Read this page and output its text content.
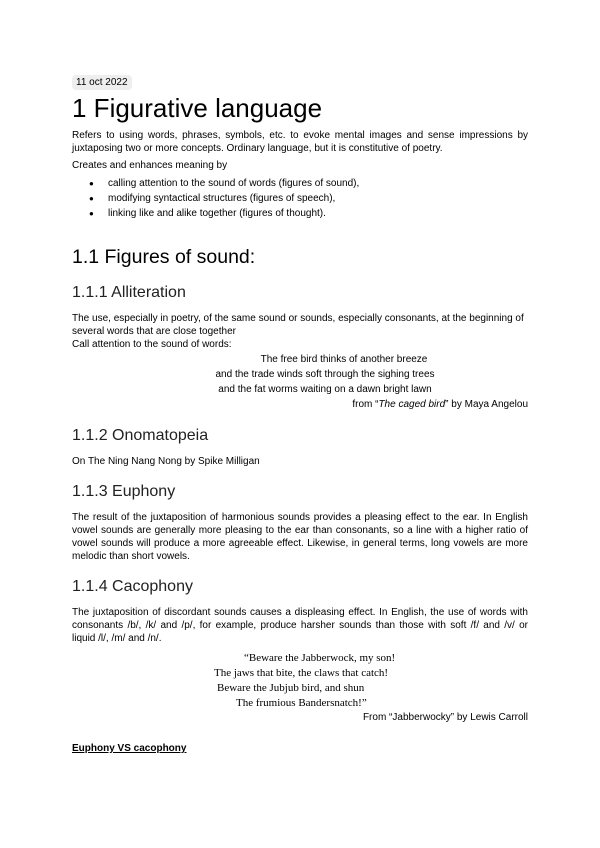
11 oct 2022
1 Figurative language

Refers to using words, phrases, symbols, etc. to evoke mental images and sense impressions by juxtaposing two or more concepts. Ordinary language, but it is constitutive of poetry.

Creates and enhances meaning by

● calling attention to the sound of words (figures of sound),
● modifying syntactical structures (figures of speech),
● linking like and alike together (figures of thought).
1.1 Figures of sound:
1.1.1 Alliteration

The use, especially in poetry, of the same sound or sounds, especially consonants, at the beginning of several words that are close together

Call attention to the sound of words:

The free bird thinks of another breeze
and the trade winds soft through the sighing trees
and the fat worms waiting on a dawn bright lawn
from “The caged bird” by Maya Angelou
1.1.2 Onomatopeia

On The Ning Nang Nong by Spike Milligan

1.1.3 Euphony

The result of the juxtaposition of harmonious sounds provides a pleasing effect to the ear. In English vowel sounds are generally more pleasing to the ear than consonants, so a line with a higher ratio of vowel sounds will produce a more agreeable effect. Likewise, in general terms, long vowels are more melodic than short vowels.

1.1.4 Cacophony

The juxtaposition of discordant sounds causes a displeasing effect. In English, the use of words with consonants /b/, /k/ and /p/, for example, produce harsher sounds than those with soft /f/ and /v/ or liquid /l/, /m/ and /n/.

“Beware the Jabberwock, my son!
The jaws that bite, the claws that catch!
Beware the Jubjub bird, and shun
The frumious Bandersnatch!”
From “Jabberwocky” by Lewis Carroll
Euphony VS cacophony
